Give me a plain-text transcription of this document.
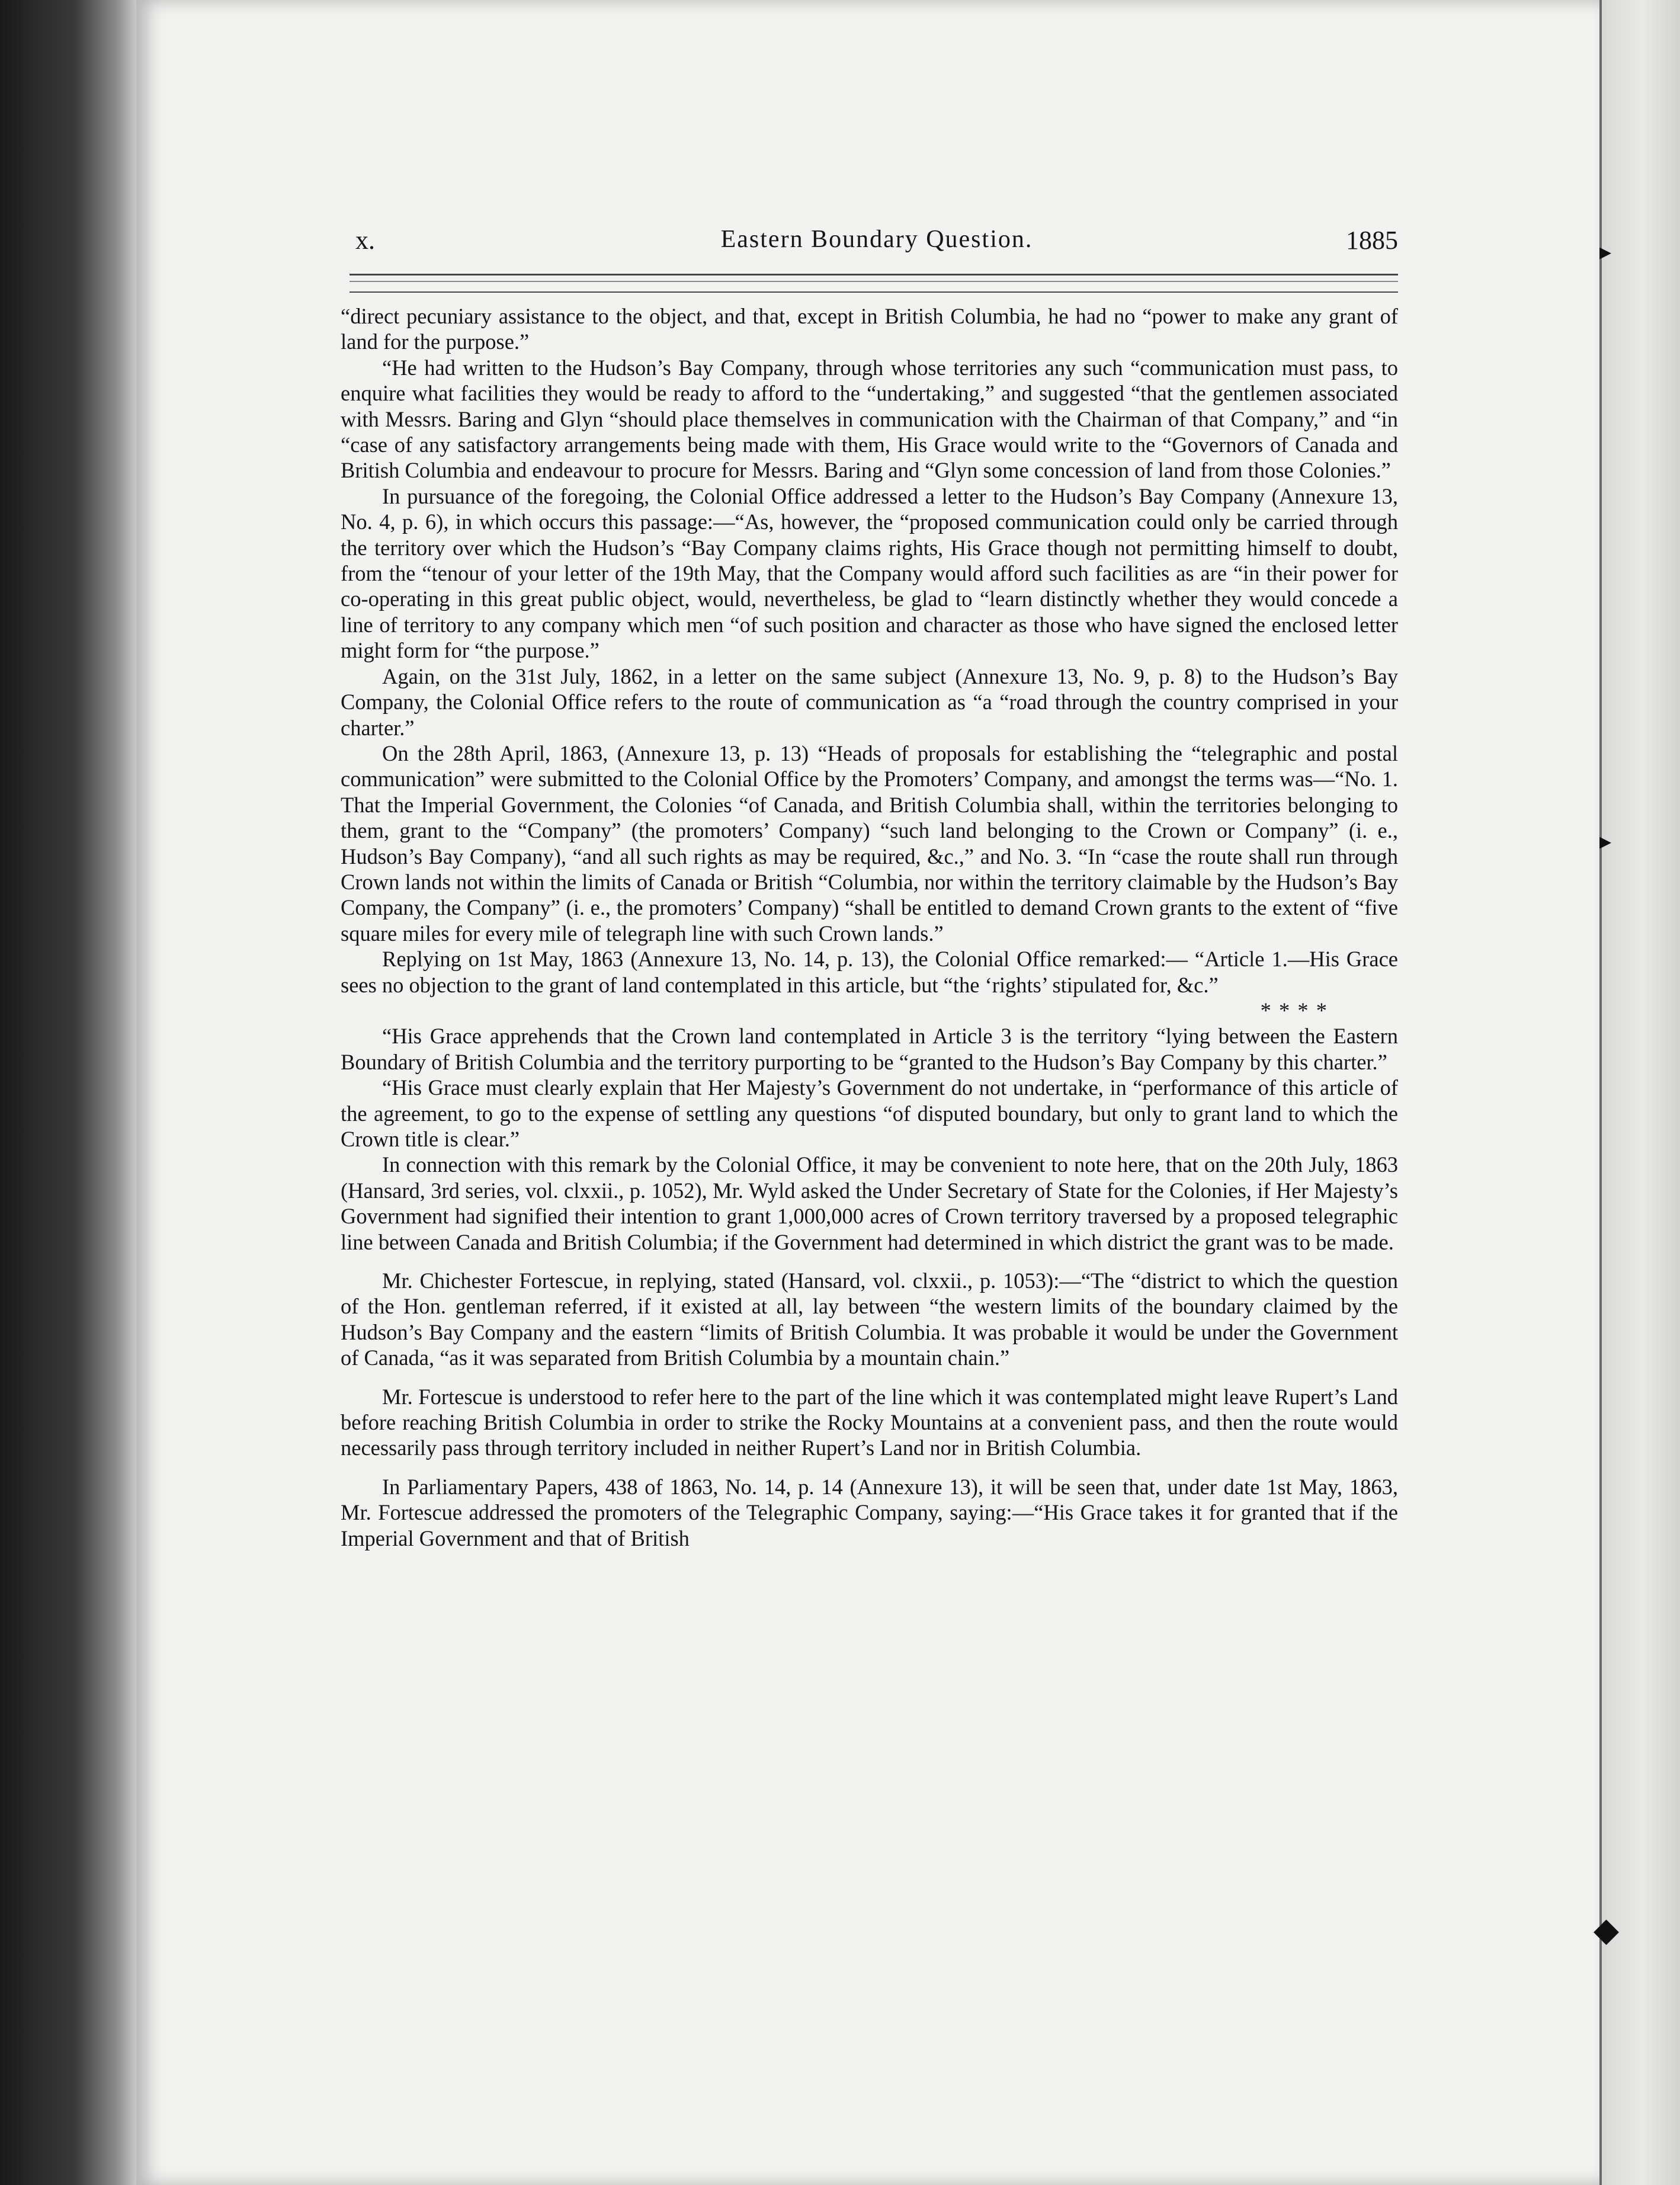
▸
▸
◆
x.	Eastern Boundary Question.	1885

“direct pecuniary assistance to the object, and that, except in British Columbia, he had no “power to make any grant of land for the purpose.”

“He had written to the Hudson’s Bay Company, through whose territories any such “communication must pass, to enquire what facilities they would be ready to afford to the “undertaking,” and suggested “that the gentlemen associated with Messrs. Baring and Glyn “should place themselves in communication with the Chairman of that Company,” and “in “case of any satisfactory arrangements being made with them, His Grace would write to the “Governors of Canada and British Columbia and endeavour to procure for Messrs. Baring and “Glyn some concession of land from those Colonies.”

In pursuance of the foregoing, the Colonial Office addressed a letter to the Hudson’s Bay Company (Annexure 13, No. 4, p. 6), in which occurs this passage:—“As, however, the “proposed communication could only be carried through the territory over which the Hudson’s “Bay Company claims rights, His Grace though not permitting himself to doubt, from the “tenour of your letter of the 19th May, that the Company would afford such facilities as are “in their power for co-operating in this great public object, would, nevertheless, be glad to “learn distinctly whether they would concede a line of territory to any company which men “of such position and character as those who have signed the enclosed letter might form for “the purpose.”

Again, on the 31st July, 1862, in a letter on the same subject (Annexure 13, No. 9, p. 8) to the Hudson’s Bay Company, the Colonial Office refers to the route of communication as “a “road through the country comprised in your charter.”

On the 28th April, 1863, (Annexure 13, p. 13) “Heads of proposals for establishing the “telegraphic and postal communication” were submitted to the Colonial Office by the Promoters’ Company, and amongst the terms was—“No. 1. That the Imperial Government, the Colonies “of Canada, and British Columbia shall, within the territories belonging to them, grant to the “Company” (the promoters’ Company) “such land belonging to the Crown or Company” (i. e., Hudson’s Bay Company), “and all such rights as may be required, &c.,” and No. 3. “In “case the route shall run through Crown lands not within the limits of Canada or British “Columbia, nor within the territory claimable by the Hudson’s Bay Company, the Company” (i. e., the promoters’ Company) “shall be entitled to demand Crown grants to the extent of “five square miles for every mile of telegraph line with such Crown lands.”

Replying on 1st May, 1863 (Annexure 13, No. 14, p. 13), the Colonial Office remarked:— “Article 1.—His Grace sees no objection to the grant of land contemplated in this article, but “the ‘rights’ stipulated for, &c.”

* * * *

“His Grace apprehends that the Crown land contemplated in Article 3 is the territory “lying between the Eastern Boundary of British Columbia and the territory purporting to be “granted to the Hudson’s Bay Company by this charter.”

“His Grace must clearly explain that Her Majesty’s Government do not undertake, in “performance of this article of the agreement, to go to the expense of settling any questions “of disputed boundary, but only to grant land to which the Crown title is clear.”

In connection with this remark by the Colonial Office, it may be convenient to note here, that on the 20th July, 1863 (Hansard, 3rd series, vol. clxxii., p. 1052), Mr. Wyld asked the Under Secretary of State for the Colonies, if Her Majesty’s Government had signified their intention to grant 1,000,000 acres of Crown territory traversed by a proposed telegraphic line between Canada and British Columbia; if the Government had determined in which district the grant was to be made.

Mr. Chichester Fortescue, in replying, stated (Hansard, vol. clxxii., p. 1053):—“The “district to which the question of the Hon. gentleman referred, if it existed at all, lay between “the western limits of the boundary claimed by the Hudson’s Bay Company and the eastern “limits of British Columbia. It was probable it would be under the Government of Canada, “as it was separated from British Columbia by a mountain chain.”

Mr. Fortescue is understood to refer here to the part of the line which it was contemplated might leave Rupert’s Land before reaching British Columbia in order to strike the Rocky Mountains at a convenient pass, and then the route would necessarily pass through territory included in neither Rupert’s Land nor in British Columbia.

In Parliamentary Papers, 438 of 1863, No. 14, p. 14 (Annexure 13), it will be seen that, under date 1st May, 1863, Mr. Fortescue addressed the promoters of the Telegraphic Company, saying:—“His Grace takes it for granted that if the Imperial Government and that of British
